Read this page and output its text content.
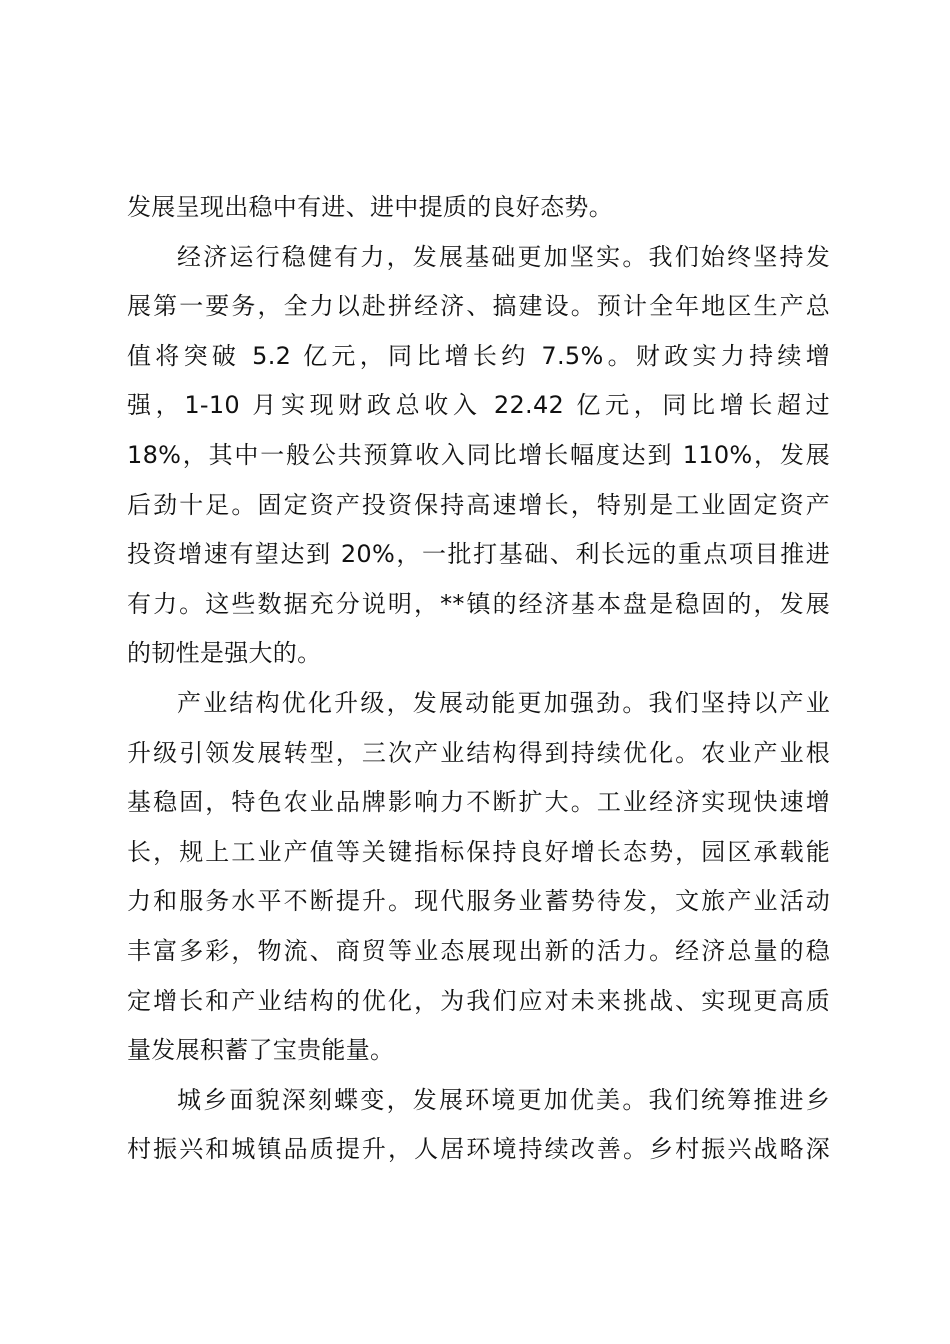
发展呈现出稳中有进、进中提质的良好态势。

经济运行稳健有力，发展基础更加坚实。我们始终坚持发
展第一要务，全力以赴拼经济、搞建设。预计全年地区生产总
值将突破 5.2 亿元，同比增长约 7.5%。财政实力持续增
强，1-10 月实现财政总收入 22.42 亿元，同比增长超过
18%，其中一般公共预算收入同比增长幅度达到 110%，发展
后劲十足。固定资产投资保持高速增长，特别是工业固定资产
投资增速有望达到 20%，一批打基础、利长远的重点项目推进
有力。这些数据充分说明，**镇的经济基本盘是稳固的，发展
的韧性是强大的。

产业结构优化升级，发展动能更加强劲。我们坚持以产业
升级引领发展转型，三次产业结构得到持续优化。农业产业根
基稳固，特色农业品牌影响力不断扩大。工业经济实现快速增
长，规上工业产值等关键指标保持良好增长态势，园区承载能
力和服务水平不断提升。现代服务业蓄势待发，文旅产业活动
丰富多彩，物流、商贸等业态展现出新的活力。经济总量的稳
定增长和产业结构的优化，为我们应对未来挑战、实现更高质
量发展积蓄了宝贵能量。

城乡面貌深刻蝶变，发展环境更加优美。我们统筹推进乡
村振兴和城镇品质提升，人居环境持续改善。乡村振兴战略深
